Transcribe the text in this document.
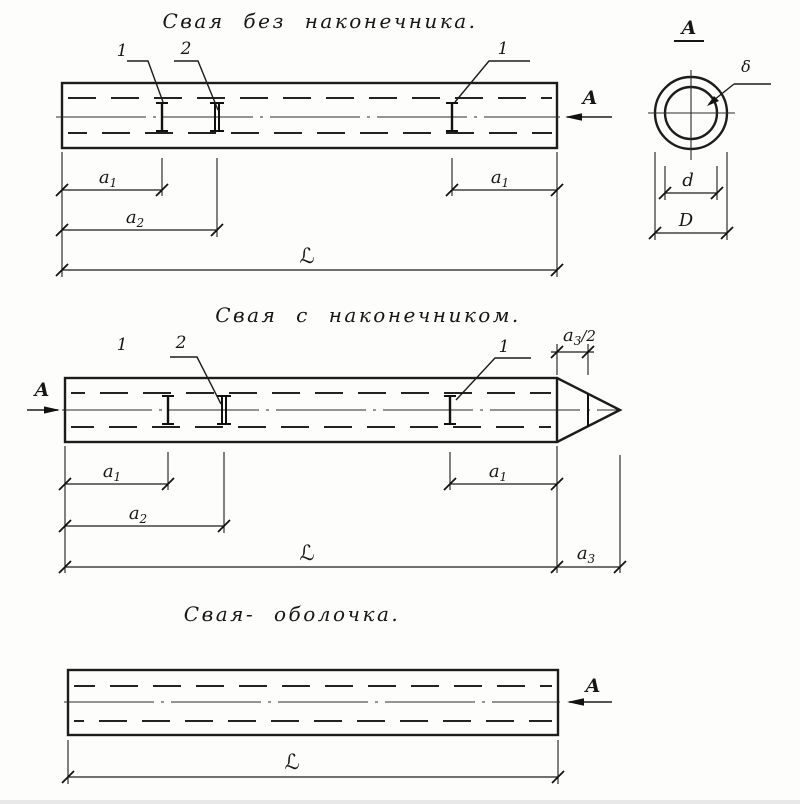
Свая без наконечника.
1	2	1
А
$a_1$	$a_1$
$a_2$
ℒ
А
δ
d
D
Свая с наконечником.
$a_3^{/2}$
1	2	1
А
$a_1$	$a_1$
$a_2$
ℒ	$a_3$
Свая- оболочка.
А
ℒ
